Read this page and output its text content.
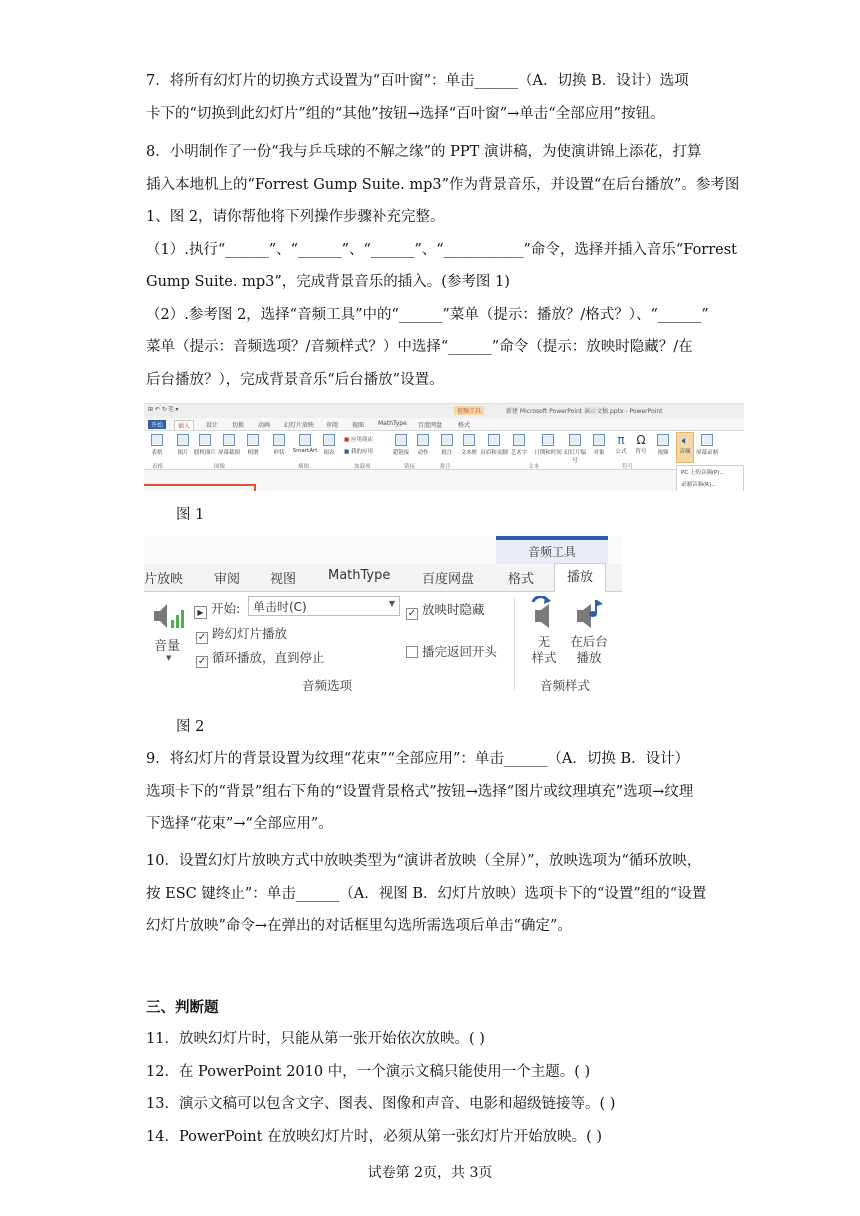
7．将所有幻灯片的切换方式设置为“百叶窗”：单击______（A．切换 B．设计）选项
卡下的“切换到此幻灯片”组的“其他”按钮→选择“百叶窗”→单击“全部应用”按钮。
8．小明制作了一份“我与乒乓球的不解之缘”的 PPT 演讲稿，为使演讲锦上添花，打算
插入本地机上的“Forrest Gump Suite. mp3”作为背景音乐，并设置“在后台播放”。参考图
1、图 2，请你帮他将下列操作步骤补充完整。
（1）.执行“______”、“______”、“______”、“___________”命令，选择并插入音乐“Forrest
Gump Suite. mp3”，完成背景音乐的插入。(参考图 1)
（2）.参考图 2，选择“音频工具”中的“______”菜单（提示：播放？/格式？）、“______”
菜单（提示：音频选项？/音频样式？）中选择“______”命令（提示：放映时隐藏？/在
后台播放？），完成背景音乐“后台播放”设置。
⊞ ↶ ↻ ⎘ ▾	视频工具	新建 Microsoft PowerPoint 演示文稿.pptx - PowerPoint
开始	插入	设计 切换 动画 幻灯片放映 审阅 视图 MathType 百度网盘	格式
表格	图片	联机图片 屏幕截图	相册	形状	SmartArt	图表
■ 应用商店
■ 我的应用	超链接	动作	批注	文本框 页眉和页脚 艺术字	日期和时间 幻灯片编号
对象
π
公式
Ω
符号	视频
🔈︎
音频	屏幕录制
表格	图像	插图	加载项	链接	批注	文本	符号
PC 上的音频(P)...
录制音频(R)...
图 1
音频工具
片放映 审阅 视图 MathType 百度网盘	格式	播放
音量
▼
▶ 开始:	单击时(C)	▼
✓ 跨幻灯片播放
✓ 循环播放，直到停止
✓ 放映时隐藏
播完返回开头
音频选项
无
样式
在后台
播放
音频样式
图 2
9．将幻灯片的背景设置为纹理“花束”“全部应用”：单击______（A．切换 B．设计）
选项卡下的“背景”组右下角的“设置背景格式”按钮→选择“图片或纹理填充”选项→纹理
下选择“花束”→“全部应用”。
10．设置幻灯片放映方式中放映类型为“演讲者放映（全屏）”，放映选项为“循环放映，
按 ESC 键终止”：单击______（A．视图 B．幻灯片放映）选项卡下的“设置”组的“设置
幻灯片放映”命令→在弹出的对话框里勾选所需选项后单击“确定”。
三、判断题
11．放映幻灯片时，只能从第一张开始依次放映。( )
12．在 PowerPoint 2010 中，一个演示文稿只能使用一个主题。( )
13．演示文稿可以包含文字、图表、图像和声音、电影和超级链接等。( )
14．PowerPoint 在放映幻灯片时，必须从第一张幻灯片开始放映。( )
试卷第 2页，共 3页
